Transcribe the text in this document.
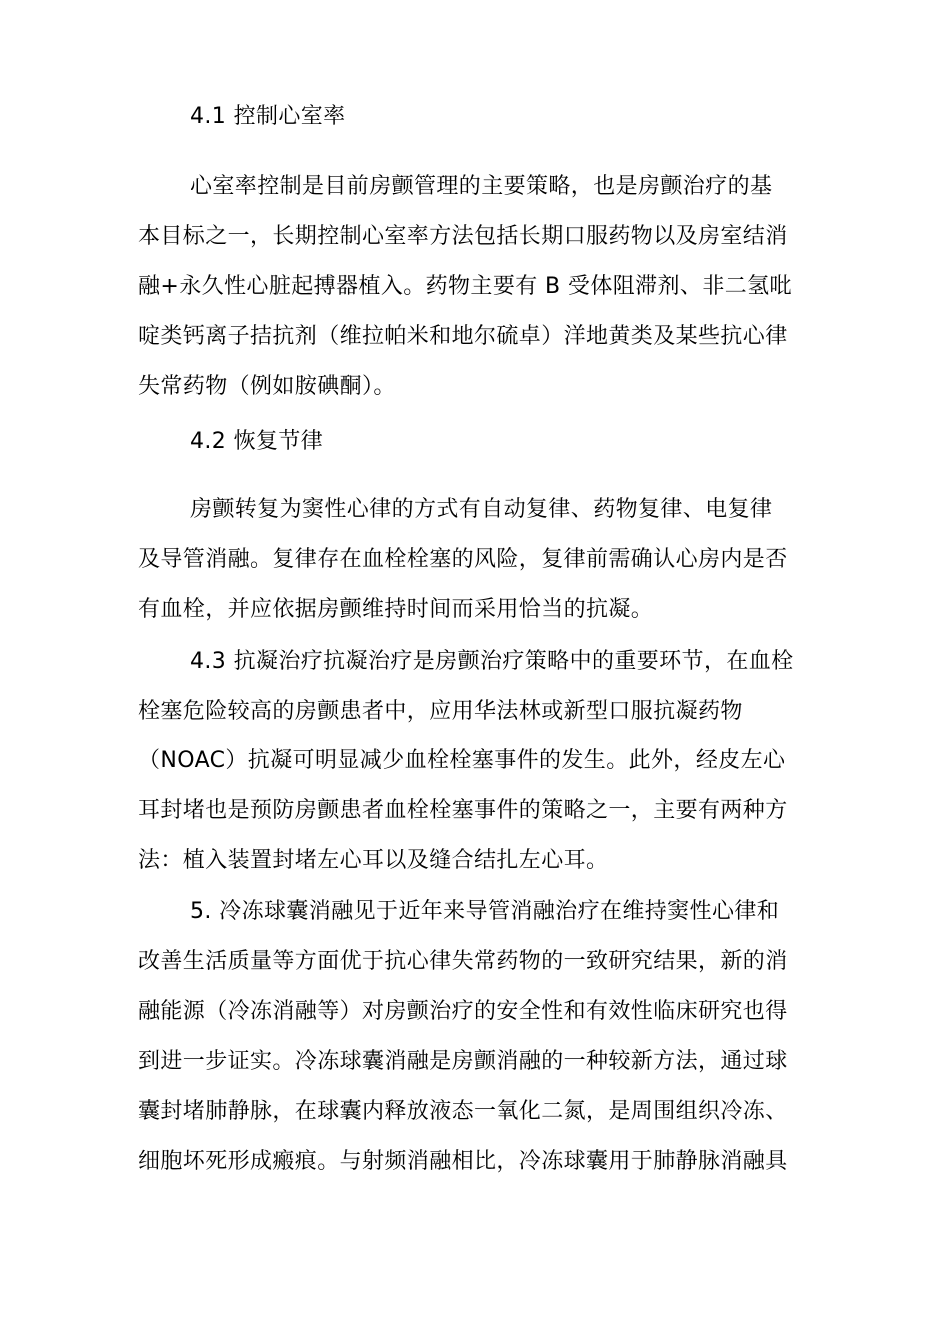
4.1 控制心室率

心室率控制是目前房颤管理的主要策略，也是房颤治疗的基

本目标之一，长期控制心室率方法包括长期口服药物以及房室结消

融+永久性心脏起搏器植入。药物主要有 B 受体阻滞剂、非二氢吡

啶类钙离子拮抗剂（维拉帕米和地尔硫卓）洋地黄类及某些抗心律

失常药物（例如胺碘酮）。

4.2 恢复节律

房颤转复为窦性心律的方式有自动复律、药物复律、电复律

及导管消融。复律存在血栓栓塞的风险，复律前需确认心房内是否

有血栓，并应依据房颤维持时间而采用恰当的抗凝。

4.3 抗凝治疗抗凝治疗是房颤治疗策略中的重要环节，在血栓

栓塞危险较高的房颤患者中，应用华法林或新型口服抗凝药物

（NOAC）抗凝可明显减少血栓栓塞事件的发生。此外，经皮左心

耳封堵也是预防房颤患者血栓栓塞事件的策略之一，主要有两种方

法：植入装置封堵左心耳以及缝合结扎左心耳。

5. 冷冻球囊消融见于近年来导管消融治疗在维持窦性心律和

改善生活质量等方面优于抗心律失常药物的一致研究结果，新的消

融能源（冷冻消融等）对房颤治疗的安全性和有效性临床研究也得

到进一步证实。冷冻球囊消融是房颤消融的一种较新方法，通过球

囊封堵肺静脉，在球囊内释放液态一氧化二氮，是周围组织冷冻、

细胞坏死形成瘢痕。与射频消融相比，冷冻球囊用于肺静脉消融具
